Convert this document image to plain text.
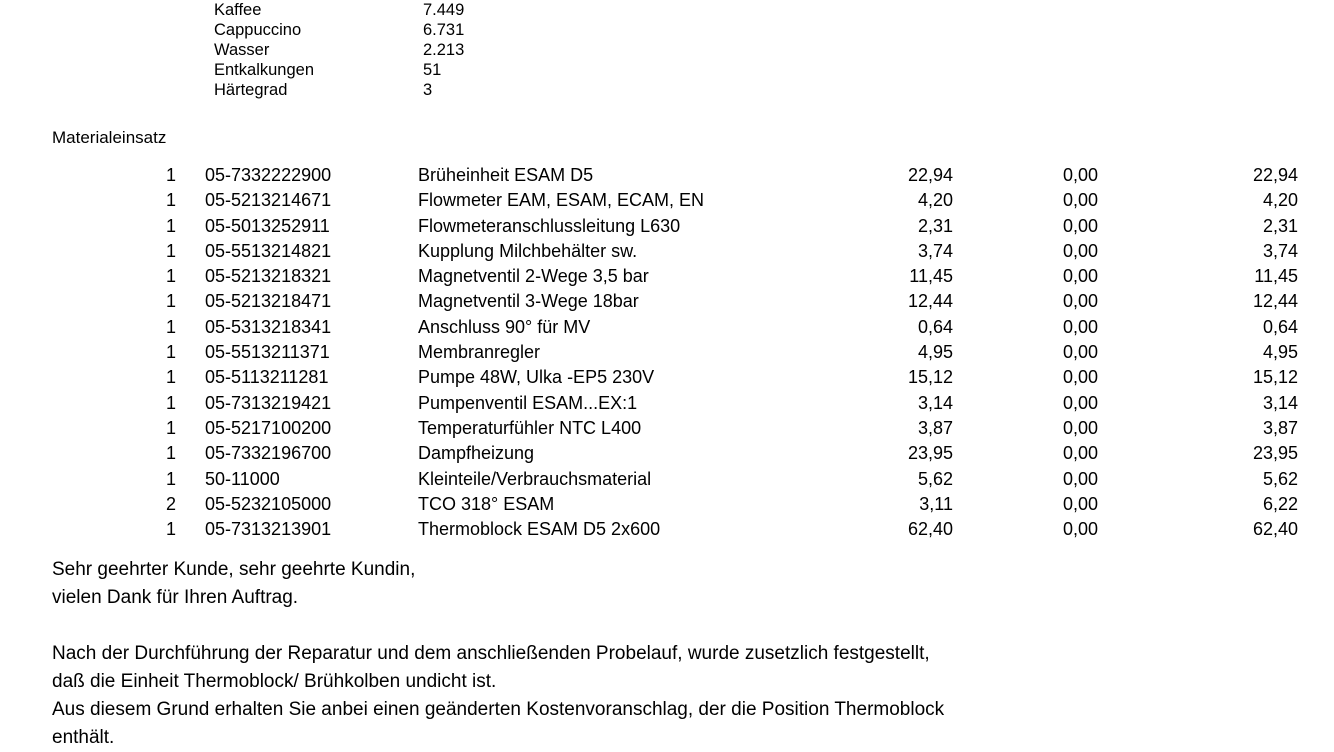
Kaffee	7.449
Cappuccino	6.731
Wasser	2.213
Entkalkungen	51
Härtegrad	3
Materialeinsatz
1 05-7332222900	Brüheinheit ESAM D5	22,94	0,00	22,94
1 05-5213214671	Flowmeter EAM, ESAM, ECAM, EN	4,20	0,00	4,20
1 05-5013252911	Flowmeteranschlussleitung L630	2,31	0,00	2,31
1 05-5513214821	Kupplung Milchbehälter sw.	3,74	0,00	3,74
1 05-5213218321	Magnetventil 2-Wege 3,5 bar	11,45	0,00	11,45
1 05-5213218471	Magnetventil 3-Wege 18bar	12,44	0,00	12,44
1 05-5313218341	Anschluss 90° für MV	0,64	0,00	0,64
1 05-5513211371	Membranregler	4,95	0,00	4,95
1 05-5113211281	Pumpe 48W, Ulka -EP5 230V	15,12	0,00	15,12
1 05-7313219421	Pumpenventil ESAM...EX:1	3,14	0,00	3,14
1 05-5217100200	Temperaturfühler NTC L400	3,87	0,00	3,87
1 05-7332196700	Dampfheizung	23,95	0,00	23,95
1 50-11000	Kleinteile/Verbrauchsmaterial	5,62	0,00	5,62
2 05-5232105000	TCO 318° ESAM	3,11	0,00	6,22
1 05-7313213901	Thermoblock ESAM D5 2x600	62,40	0,00	62,40
Sehr geehrter Kunde, sehr geehrte Kundin,
vielen Dank für Ihren Auftrag.
Nach der Durchführung der Reparatur und dem anschließenden Probelauf, wurde zusetzlich festgestellt,
daß die Einheit Thermoblock/ Brühkolben undicht ist.
Aus diesem Grund erhalten Sie anbei einen geänderten Kostenvoranschlag, der die Position Thermoblock
enthält.
